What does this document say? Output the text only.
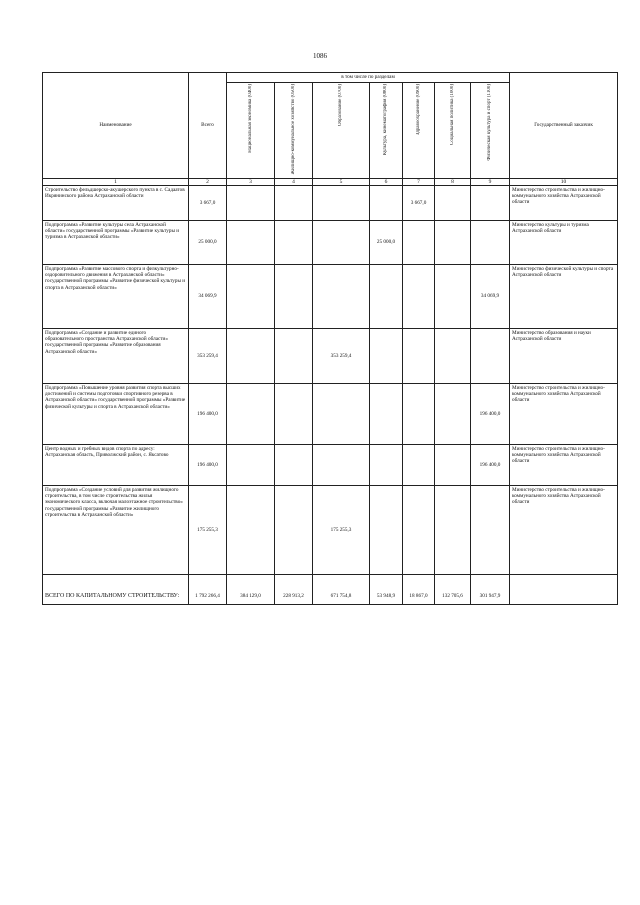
1086
Наименование	Всего	в том числе по разделам							Государственный заказчик
		Национальная экономика (0400)	Жилищно-коммунальное хозяйство (0500)	Образование (0700)	Культура, кинематография (0800)	Здравоохранение (0900)	Социальная политика (1000)	Физическая культура и спорт (1100)	
1	2	3	4	5	6	7	8	9	10
Строительство фельдшерско-акушерского пункта в с. Садаатов Икрянинского района Астраханской области	3 667,0					3 667,0			Министерство строительства и жилищно-коммунального хозяйства Астраханской области
Подпрограмма «Развитие культуры села Астраханской области» государственной программы «Развитие культуры и туризма в Астраханской области»	25 000,0				25 000,0				Министерство культуры и туризма Астраханской области
Подпрограмма «Развитие массового спорта и физкультурно-оздоровительного движения в Астраханской области» государственной программы «Развитие физической культуры и спорта в Астраханской области»	34 069,9							34 069,9	Министерство физической культуры и спорта Астраханской области
Подпрограмма «Создание и развитие единого образовательного пространства Астраханской области» государственной программы «Развитие образования Астраханской области»	353 259,4			353 259,4					Министерство образования и науки Астраханской области
Подпрограмма «Повышение уровня развития спорта высших достижений и системы подготовки спортивного резерва в Астраханской области» государственной программы «Развитие физической культуры и спорта в Астраханской области»	196 400,0							196 400,0	Министерство строительства и жилищно-коммунального хозяйства Астраханской области
Центр водных и гребных видов спорта по адресу: Астраханская область, Приволжский район, с. Яксатово	196 400,0							196 400,0	Министерство строительства и жилищно-коммунального хозяйства Астраханской области
Подпрограмма «Создание условий для развития жилищного строительства, в том числе строительства жилья экономического класса, включая малоэтажное строительство» государственной программы «Развитие жилищного строительства в Астраханской области»	175 255,3			175 255,3					Министерство строительства и жилищно-коммунального хозяйства Астраханской области
ВСЕГО ПО КАПИТАЛЬНОМУ СТРОИТЕЛЬСТВУ:	1 792 266,4	384 129,0	228 913,2	671 754,8	53 948,9	18 867,0	132 705,6	301 947,9	
